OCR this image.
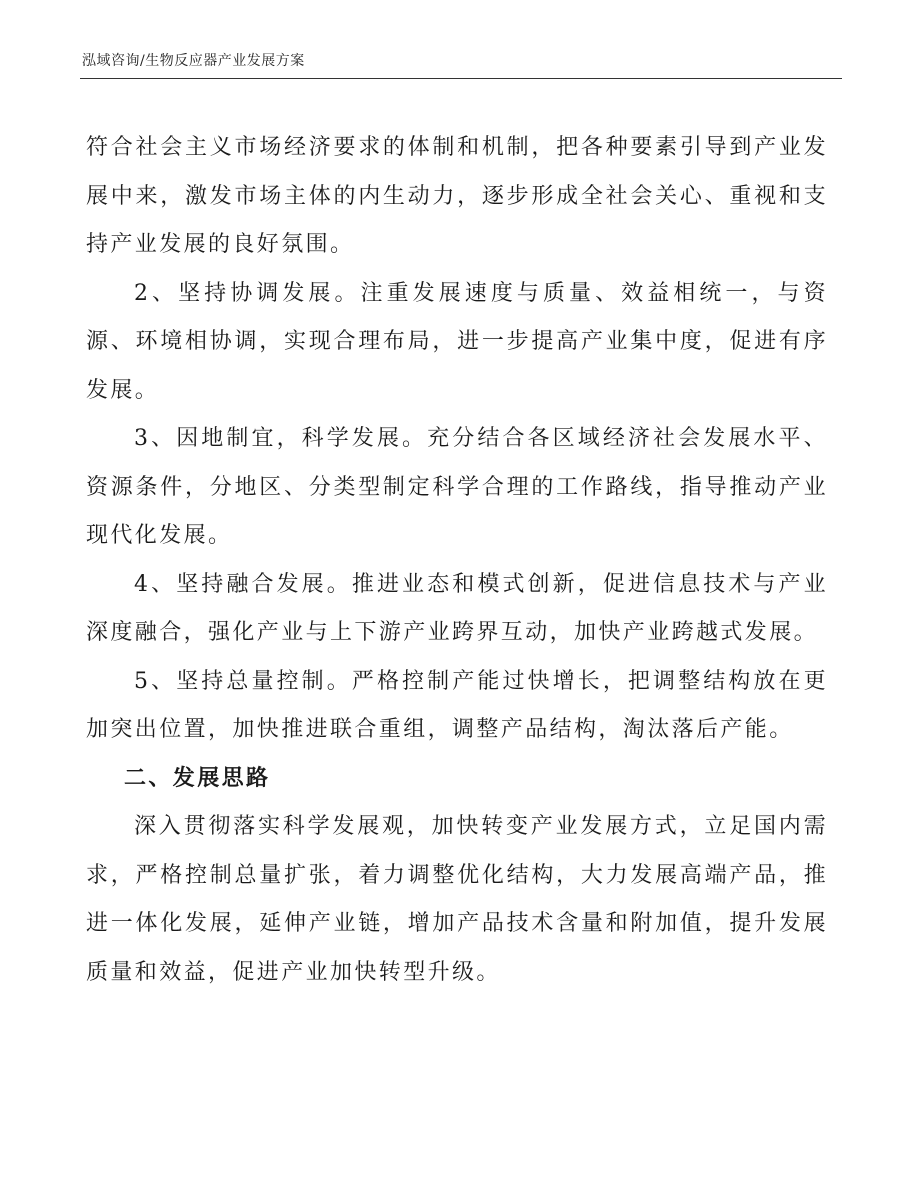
泓域咨询/生物反应器产业发展方案

符合社会主义市场经济要求的体制和机制，把各种要素引导到产业发展中来，激发市场主体的内生动力，逐步形成全社会关心、重视和支持产业发展的良好氛围。

2、坚持协调发展。注重发展速度与质量、效益相统一，与资源、环境相协调，实现合理布局，进一步提高产业集中度，促进有序发展。

3、因地制宜，科学发展。充分结合各区域经济社会发展水平、资源条件，分地区、分类型制定科学合理的工作路线，指导推动产业现代化发展。

4、坚持融合发展。推进业态和模式创新，促进信息技术与产业深度融合，强化产业与上下游产业跨界互动，加快产业跨越式发展。

5、坚持总量控制。严格控制产能过快增长，把调整结构放在更加突出位置，加快推进联合重组，调整产品结构，淘汰落后产能。

二、发展思路

深入贯彻落实科学发展观，加快转变产业发展方式，立足国内需求，严格控制总量扩张，着力调整优化结构，大力发展高端产品，推进一体化发展，延伸产业链，增加产品技术含量和附加值，提升发展质量和效益，促进产业加快转型升级。
